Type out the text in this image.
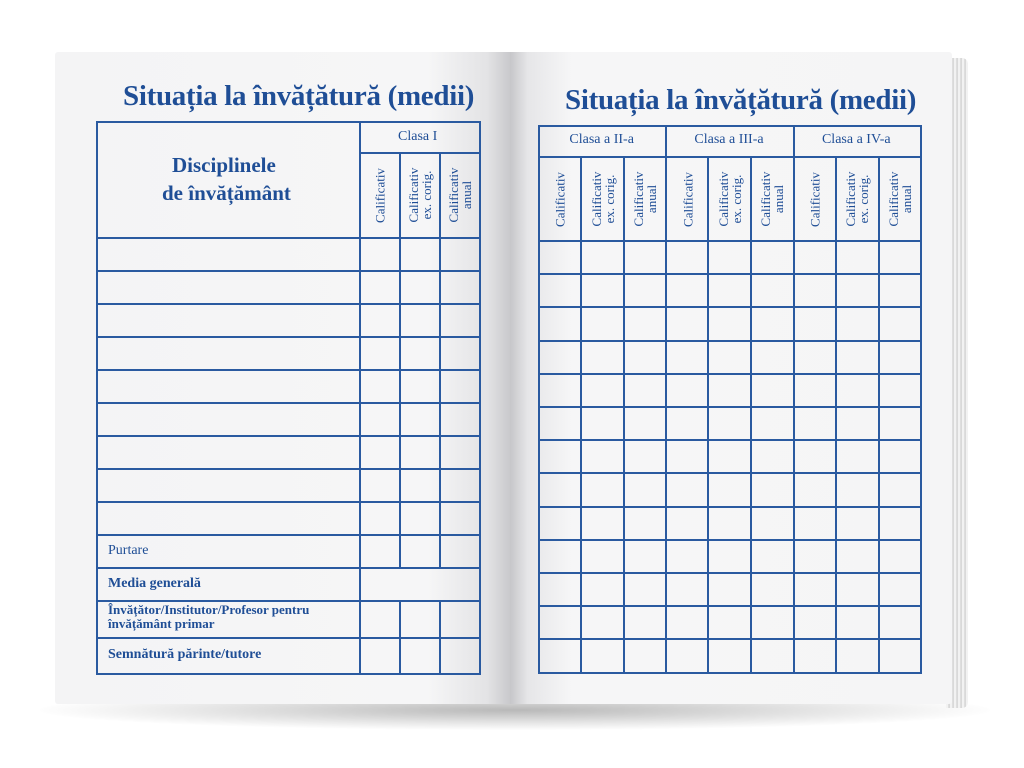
Situația la învățătură (medii)
Disciplinele
de învățământ
Clasa I
Calificativ Calificativ
ex. corig. Calificativ
anual
Purtare
Media generală
Învățător/Institutor/Profesor pentru
învățământ primar
Semnătură părinte/tutore
Situația la învățătură (medii)
Clasa a II-a
Calificativ Calificativ
ex. corig. Calificativ
anual
Clasa a III-a
Calificativ Calificativ
ex. corig. Calificativ
anual
Clasa a IV-a
Calificativ Calificativ
ex. corig. Calificativ
anual
